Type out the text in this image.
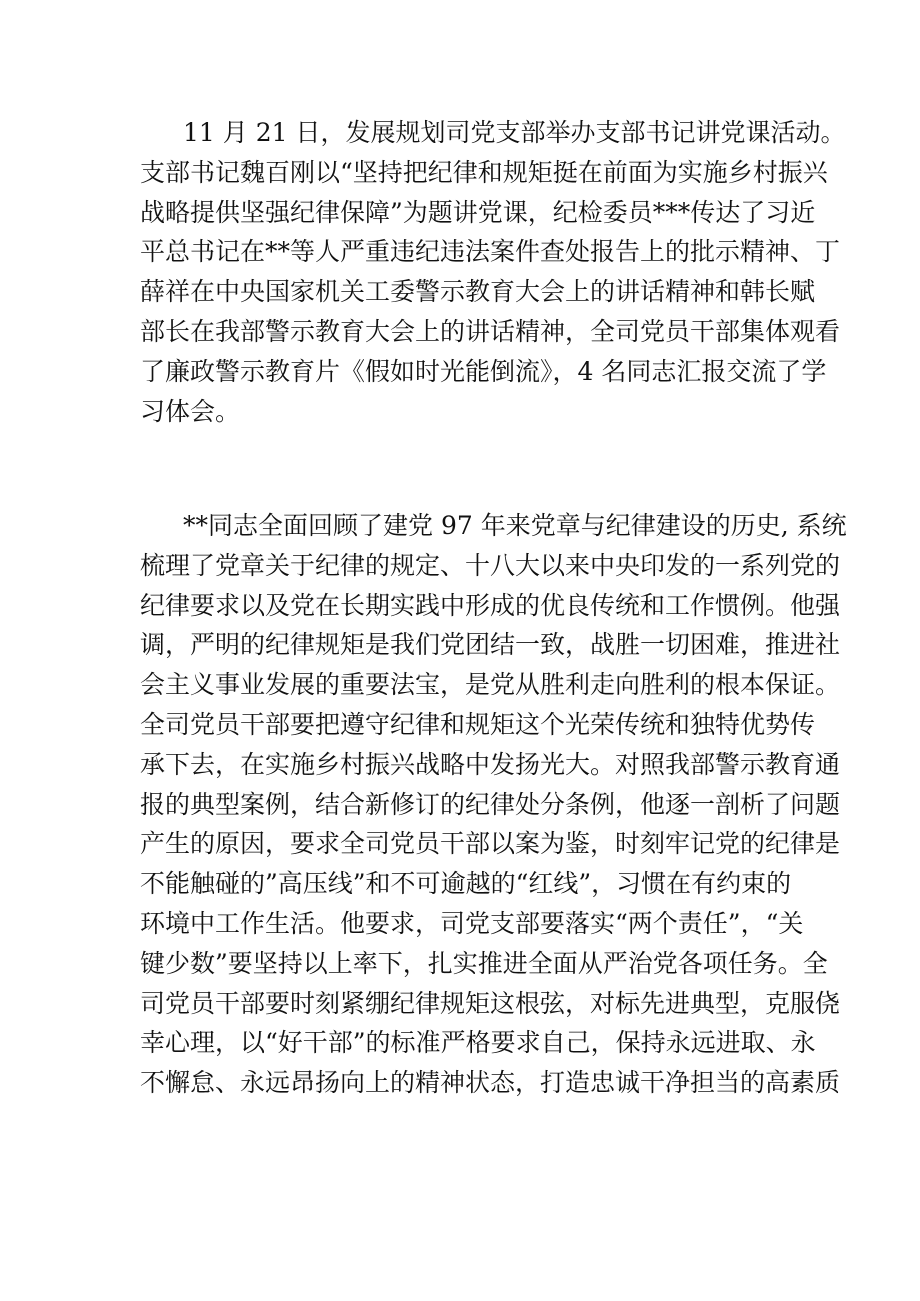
11 月 21 日，发展规划司党支部举办支部书记讲党课活动。
支部书记魏百刚以“坚持把纪律和规矩挺在前面为实施乡村振兴
战略提供坚强纪律保障”为题讲党课，纪检委员***传达了习近
平总书记在**等人严重违纪违法案件查处报告上的批示精神、丁
薛祥在中央国家机关工委警示教育大会上的讲话精神和韩长赋
部长在我部警示教育大会上的讲话精神，全司党员干部集体观看
了廉政警示教育片《假如时光能倒流》，4 名同志汇报交流了学
习体会。
**同志全面回顾了建党 97 年来党章与纪律建设的历史, 系统
梳理了党章关于纪律的规定、十八大以来中央印发的一系列党的
纪律要求以及党在长期实践中形成的优良传统和工作惯例。他强
调，严明的纪律规矩是我们党团结一致，战胜一切困难，推进社
会主义事业发展的重要法宝，是党从胜利走向胜利的根本保证。
全司党员干部要把遵守纪律和规矩这个光荣传统和独特优势传
承下去，在实施乡村振兴战略中发扬光大。对照我部警示教育通
报的典型案例，结合新修订的纪律处分条例，他逐一剖析了问题
产生的原因，要求全司党员干部以案为鉴，时刻牢记党的纪律是
不能触碰的”高压线”和不可逾越的“红线”，习惯在有约束的
环境中工作生活。他要求，司党支部要落实“两个责任”，“关
键少数”要坚持以上率下，扎实推进全面从严治党各项任务。全
司党员干部要时刻紧绷纪律规矩这根弦，对标先进典型，克服侥
幸心理，以“好干部”的标准严格要求自己，保持永远进取、永
不懈怠、永远昂扬向上的精神状态，打造忠诚干净担当的高素质
